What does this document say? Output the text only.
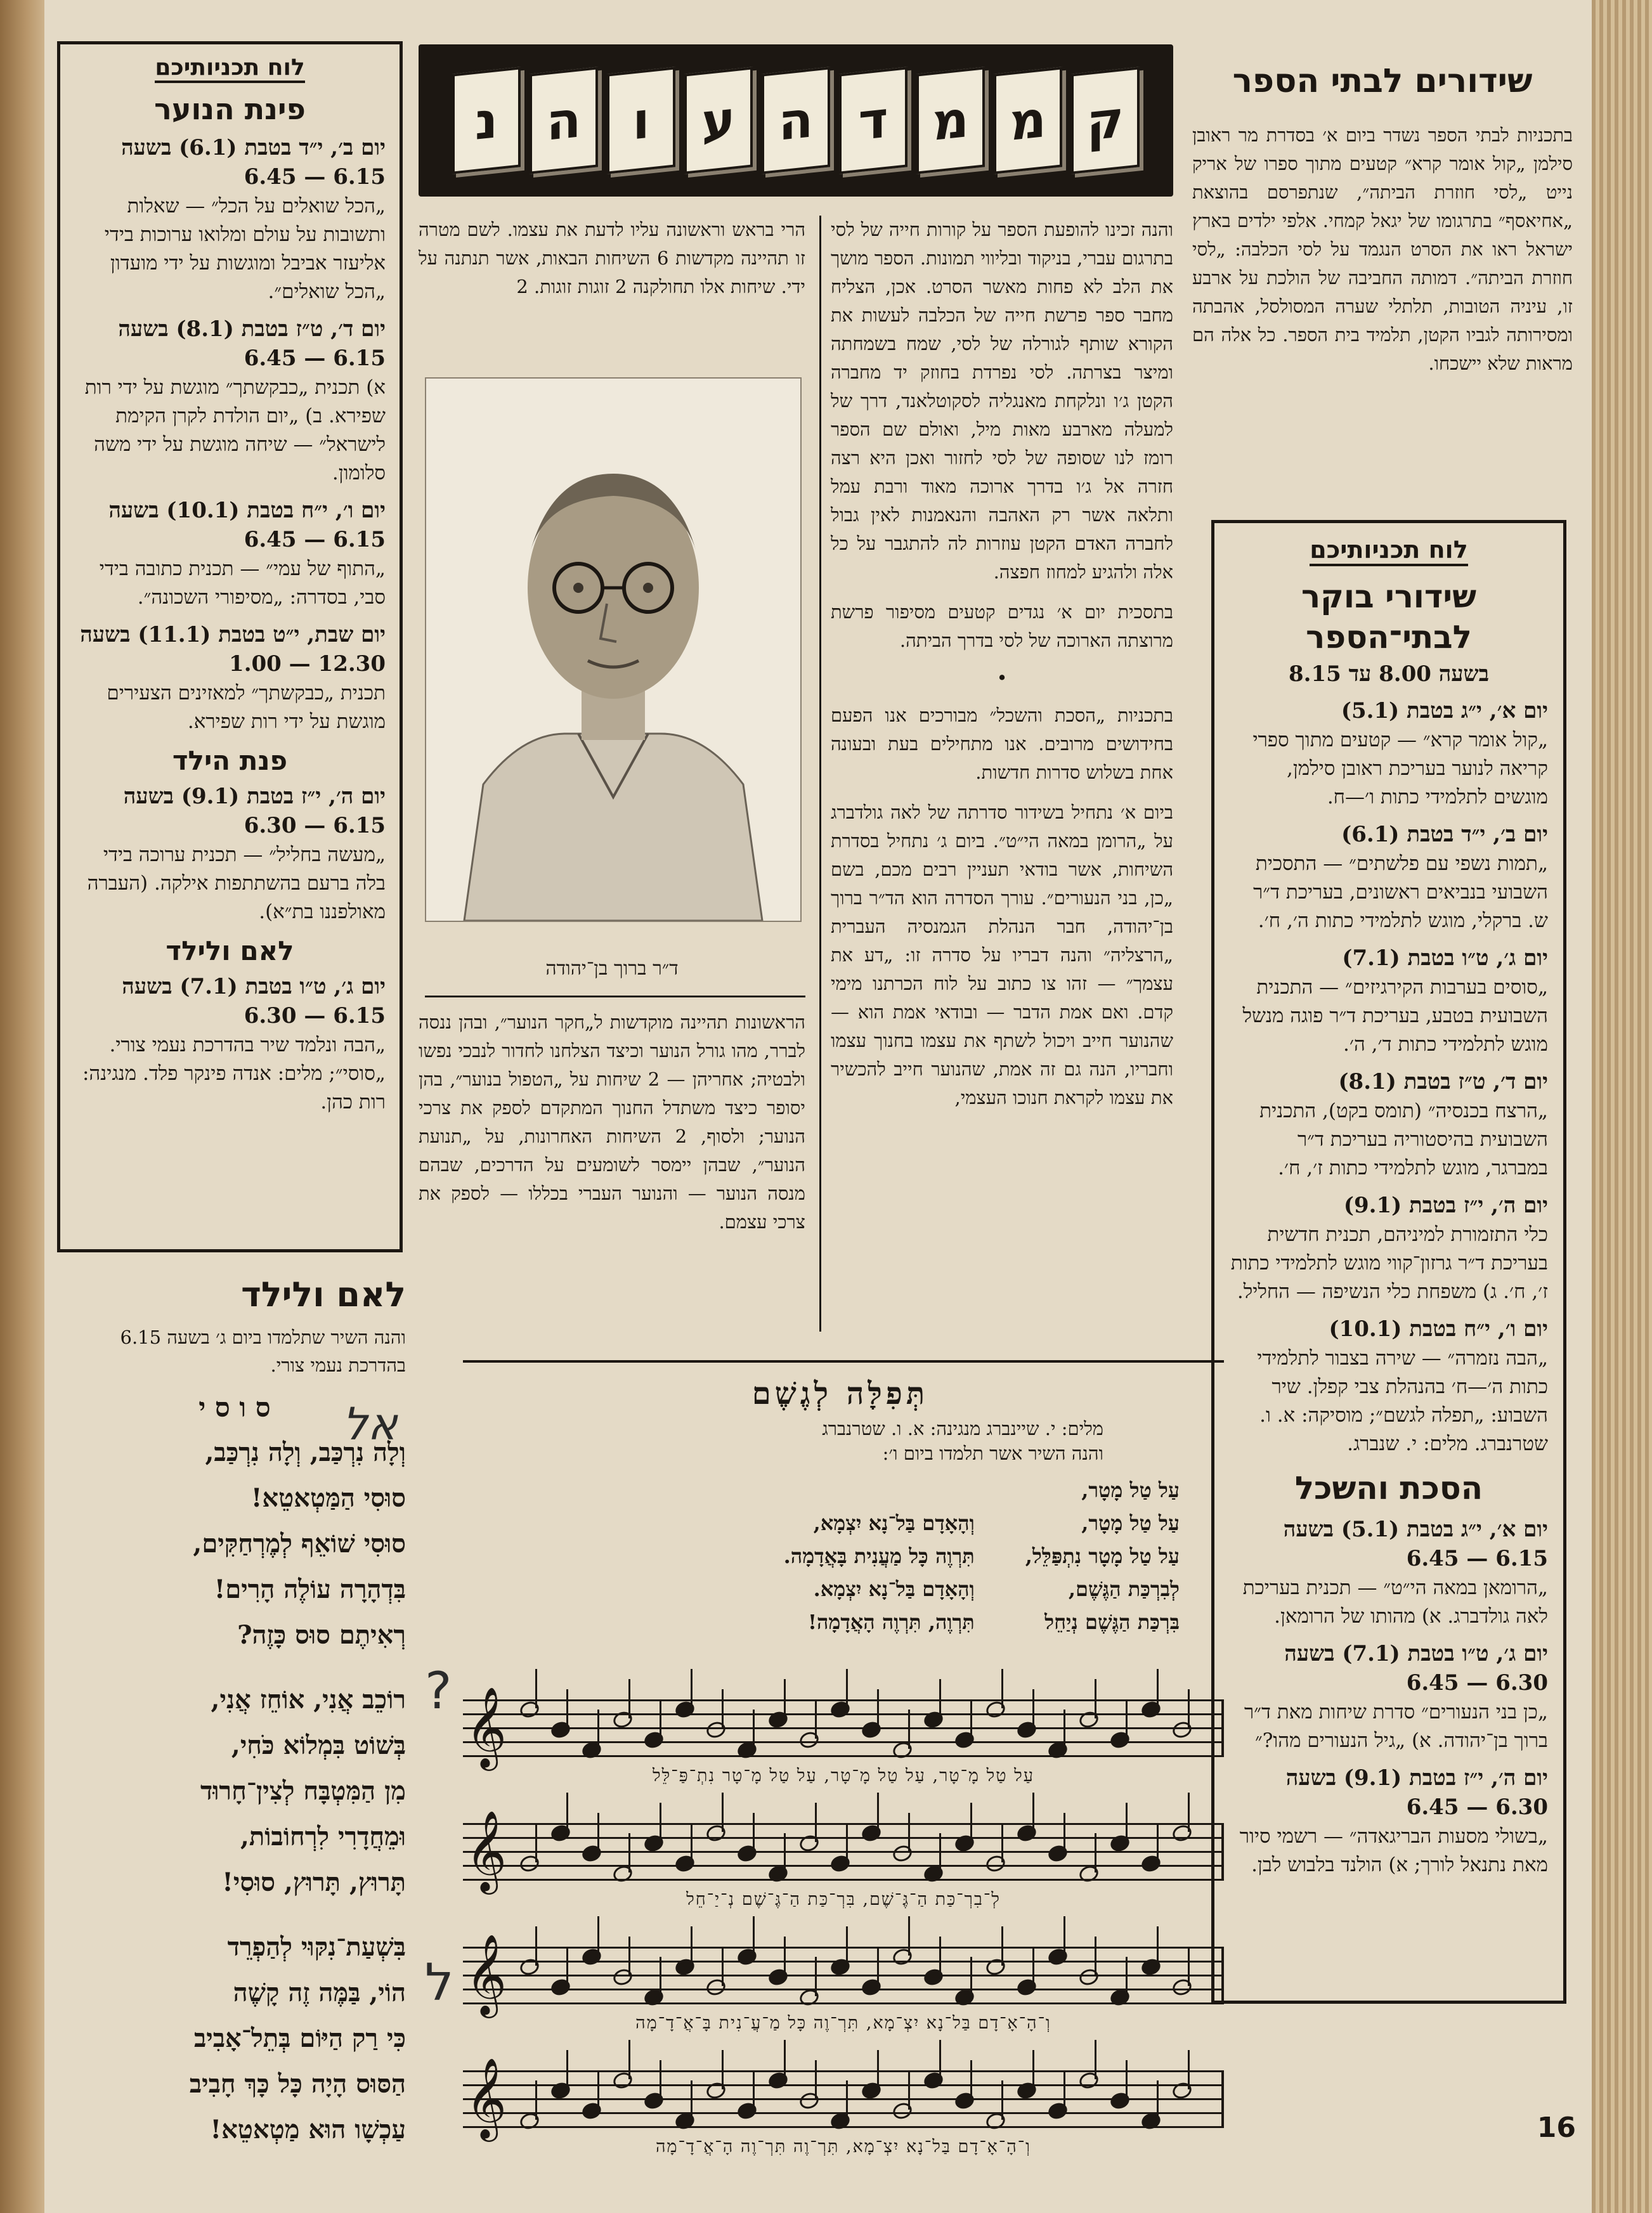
שידורים לבתי הספר
בתכניות לבתי הספר נשדר ביום א׳ בסדרת מר ראובן סילמן „קול אומר קרא״ קטעים מתוך ספרו של אריק נייט „לסי חוזרת הביתה״, שנתפרסם בהוצאת „אחיאסף״ בתרגומו של יגאל קמחי. אלפי ילדים בארץ ישראל ראו את הסרט הנגמד על לסי הכלבה: „לסי חוזרת הביתה״. דמותה החביבה של הולכת על ארבע זו, עיניה הטובות, תלתלי שערה המסולסל, אהבתה ומסירותה לגביו הקטן, תלמיד בית הספר. כל אלה הם מראות שלא יישכחו.
לוח תכניותיכם
שידורי בוקר לבתי־הספר
בשעה 8.00 עד 8.15

יום א׳, י״ג בטבת (5.1)
„קול אומר קרא״ — קטעים מתוך ספרי קריאה לנוער בעריכת ראובן סילמן, מוגשים לתלמידי כתות ו׳—ח.

יום ב׳, י״ד בטבת (6.1)
„תמות נשפי עם פלשתים״ — התסכית השבועי בנביאים ראשונים, בעריכת ד״ר ש. ברקלי, מוגש לתלמידי כתות ה׳, ח׳.

יום ג׳, ט״ו בטבת (7.1)
„סוסים בערבות הקירגיזים״ — התכנית השבועית בטבע, בעריכת ד״ר פוגה מנשל מוגש לתלמידי כתות ד׳, ה׳.

יום ד׳, ט״ז בטבת (8.1)
„הרצח בכנסיה״ (תומס בקט), התכנית השבועית בהיסטוריה בעריכת ד״ר במברגר, מוגש לתלמידי כתות ז׳, ח׳.

יום ה׳, י״ז בטבת (9.1)
כלי התזמורת למיניהם, תכנית חדשית בעריכת ד״ר גרזון־קווי מוגש לתלמידי כתות ז׳, ח׳. ג) משפחת כלי הנשיפה — החליל.

יום ו׳, י״ח בטבת (10.1)
„הבה נזמרה״ — שירה בצבור לתלמידי כתות ה׳—ח׳ בהנהלת צבי קפלן. שיר השבוע: „תפלה לגשם״; מוסיקה: א. ו. שטרנברג. מלים: י. שנברג.

הסכת והשכל

יום א׳, י״ג בטבת (5.1) בשעה 6.15 — 6.45
„הרומאן במאה הי״ט״ — תכנית בעריכת לאה גולדברג. א) מהותו של הרומאן.

יום ג׳, ט״ו בטבת (7.1) בשעה 6.30 — 6.45
„כן בני הנעורים״ סדרת שיחות מאת ד״ר ברוך בן־יהודה. א) „גיל הנעורים מהו?״

יום ה׳, י״ז בטבת (9.1) בשעה 6.30 — 6.45
„בשולי מסעות הבריגאדה״ — רשמי סיור מאת נתנאל לורך; א) הולנד בלבוש לבן.

ק
מ
מ
ד
ה
ע
ו
ה
נ
והנה זכינו להופעת הספר על קורות חייה של לסי בתרגום עברי, בניקוד ובליווי תמונות. הספר מושך את הלב לא פחות מאשר הסרט. אכן, הצליח מחבר ספר פרשת חייה של הכלבה לעשות את הקורא שותף לגורלה של לסי, שמח בשמחתה ומיצר בצרתה. לסי נפרדת בחוזק יד מחברה הקטן ג׳ו ונלקחת מאנגליה לסקוטלאנד, דרך של למעלה מארבע מאות מיל, ואולם שם הספר רומז לנו שסופה של לסי לחזור ואכן היא רצה חזרה אל ג׳ו בדרך ארוכה מאוד ורבת עמל ותלאה אשר רק האהבה והנאמנות לאין גבול לחברה האדם הקטן עוזרות לה להתגבר על כל אלה ולהגיע למחוז חפצה.
בתסכית יום א׳ נגדים קטעים מסיפור פרשת מרוצתה הארוכה של לסי בדרך הביתה.
•
בתכניות „הסכת והשכל״ מבורכים אנו הפעם בחידושים מרובים. אנו מתחילים בעת ובעונה אחת בשלוש סדרות חדשות.
ביום א׳ נתחיל בשידור סדרתה של לאה גולדברג על „הרומן במאה הי״ט״. ביום ג׳ נתחיל בסדרת השיחות, אשר בודאי תעניין רבים מכם, בשם „כן, בני הנעורים״. עורך הסדרה הוא הד״ר ברוך בן־יהודה, חבר הנהלת הגמנסיה העברית „הרצליה״ והנה דבריו על סדרה זו: „דע את עצמך״ — זהו צו כתוב על לוח הכרתנו מימי קדם. ואם אמת הדבר — ובודאי אמת הוא — שהנוער חייב ויכול לשתף את עצמו בחנוך עצמו וחבריו, הנה גם זה אמת, שהנוער חייב להכשיר את עצמו לקראת חנוכו העצמי,
הרי בראש וראשונה עליו לדעת את עצמו. לשם מטרה זו תהיינה מקדשות 6 השיחות הבאות, אשר תנתנה על ידי. שיחות אלו תחולקנה 2 זוגות זוגות. 2
ד״ר ברוך בן־יהודה
הראשונות תהיינה מוקדשות ל„חקר הנוער״, ובהן ננסה לברר, מהו גורל הנוער וכיצד הצלחנו לחדור לנבכי נפשו ולבטיה; אחריהן — 2 שיחות על „הטפול בנוער״, בהן יסופר כיצד משתדל החנוך המתקדם לספק את צרכי הנוער; ולסוף, 2 השיחות האחרונות, על „תנועת הנוער״, שבהן יימסר לשומעים על הדרכים, שבהם מנסה הנוער — והנוער העברי בכללו — לספק את צרכי עצמם.
תְּפִלָּה לְגֶשֶׁם
מלים: י. שיינברג מנגינה: א. ו. שטרנברג
והנה השיר אשר תלמדו ביום ו׳:
עַל טַל מָטָר,
עַל טַל מָטָר,
עַל טַל מָטָר נִתְפַּלֵּל,
לְבִרְכַּת הַגֶּשֶׁם,
בִּרְכַּת הַגֶּשֶׁם נְיַחֵל
וְהָאָדָם בַּל־נָא יִצְמָא,
תִּרְוֶה כָּל מַעֲנִית בָּאֲדָמָה.
וְהָאָדָם בַּל־נָא יִצְמָא.
תִּרְוֶה, תִּרְוֶה הָאֲדָמָה!
עַל טַל מָ־טָר, עַל טַל מָ־טָר, עַל טַל מָ־טָר נִתְ־פַּ־לֵּל
לְ־בִרְ־כַּת הַ־גֶּ־שֶׁם, בִּרְ־כַּת הַ־גֶּ־שֶׁם נְ־יַ־חֵל
וְ־הָ־אָ־דָם בַּל־נָא יִצְ־מָא, תִּרְ־וֶה כָּל מַ־עֲ־נִית בָּ־אֲ־דָ־מָה
וְ־הָ־אָ־דָם בַּל־נָא יִצְ־מָא, תִּרְ־וֶה תִּרְ־וֶה הָ־אֲ־דָ־מָה
𝄞
𝄞
𝄞
𝄞
לוח תכניותיכם
פינת הנוער

יום ב׳, י״ד בטבת (6.1) בשעה 6.15 — 6.45
„הכל שואלים על הכל״ — שאלות ותשובות על עולם ומלואו ערוכות בידי אליעזר אביבל ומוגשות על ידי מועדון „הכל שואלים״.

יום ד׳, ט״ז בטבת (8.1) בשעה 6.15 — 6.45
א) תכנית „כבקשתך״ מוגשת על ידי רות שפירא. ב) „יום הולדת לקרן הקימת לישראל״ — שיחה מוגשת על ידי משה סלומון.

יום ו׳, י״ח בטבת (10.1) בשעה 6.15 — 6.45
„התוף של עמי״ — תכנית כתובה בידי סבי, בסדרה: „מסיפורי השכונה״.

יום שבת, י״ט בטבת (11.1) בשעה 12.30 — 1.00
תכנית „כבקשתך״ למאזינים הצעירים מוגשת על ידי רות שפירא.

פנת הילד

יום ה׳, י״ז בטבת (9.1) בשעה 6.15 — 6.30
„מעשה בחליל״ — תכנית ערוכה בידי בלה ברעם בהשתתפות אילקה. (העברה מאולפננו בת״א).

לאם ולילד

יום ג׳, ט״ו בטבת (7.1) בשעה 6.15 — 6.30
„הבה ונלמד שיר בהדרכת נעמי צורי. „סוסי״; מלים: אנדה פינקר פלד. מנגינה: רות כהן.

לאם ולילד
והנה השיר שתלמדו ביום ג׳ בשעה 6.15 בהדרכת נעמי צורי.
ס ו ס י

וְלָה נִרְכַּב, וְלָה נִרְכַּב,

סוּסִי הַמַּטְאטֵא!

סוּסִי שׁוֹאֵף לְמֶרְחַקִּים,

בִּדְהָרָה עוֹלֶה הָרִים!

רְאִיתֶם סוּס כָּזֶה?

רוֹכֵב אֲנִי, אוֹחֵז אֲנִי,

בְּשׁוֹט בִּמְלוֹא כֹּחִי,

מִן הַמִּטְבָּח לְצִין־חָרוּד

וּמֵחֲדָרִי לִרְחוֹבוֹת,

תָּרוּץ, תָּרוּץ, סוּסִי!

בִּשְׁעַת־נִקּוּי לְהַפְרֵד

הוֹי, בַּמֶּה זֶה קָשֶׁה

כִּי רַק הַיּוֹם בְּתֵל־אָבִיב

הַסּוּס הָיָה כָּל כָּךְ חָבִיב

עַכְשָׁו הוּא מַטְאטֵא!

אל
?
ל
16
